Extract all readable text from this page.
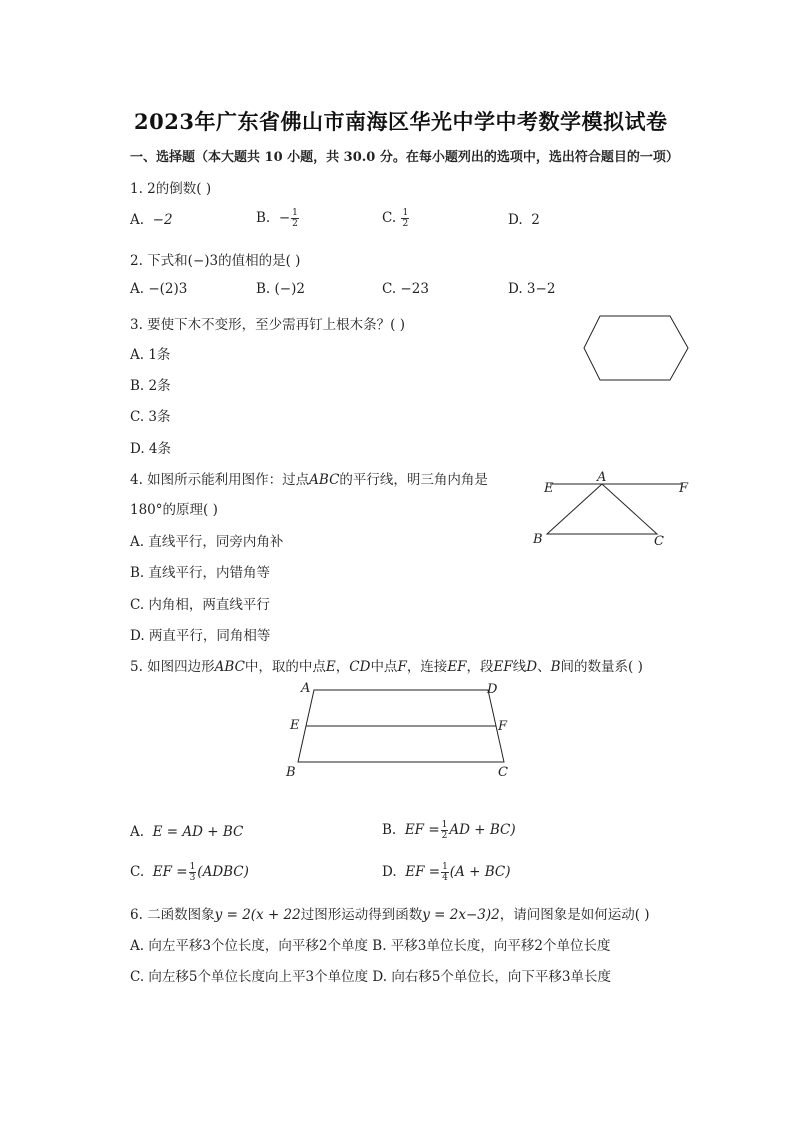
2023年广东省佛山市南海区华光中学中考数学模拟试卷
一、选择题（本大题共 10 小题，共 30.0 分。在每小题列出的选项中，选出符合题目的一项）
1. 2的倒数( )
A. −2	B. − $\frac{1}{2}$	C. $\frac{1}{2}$	D. 2
2. 下式和(−)3的值相的是( )
A. −(2)3	B. (−)2	C. −23	D. 3−2
3. 要使下木不变形，至少需再钉上根木条？( )
A. 1条
B. 2条
C. 3条
D. 4条
4. 如图所示能利用图作：过点ABC的平行线，明三角内角是
180°的原理( )
A. 直线平行，同旁内角补
B. 直线平行，内错角等
C. 内角相，两直线平行
D. 两直平行，同角相等
A
E	F
B	C
5. 如图四边形ABC中，取的中点E，CD中点F，连接EF，段EF线D、B间的数量系( )
A	D
E	F
B	C
A. E = AD + BC	B. EF = $\frac{1}{2}$ AD + BC)
C. EF = $\frac{1}{3}$ (ADBC)	D. EF = $\frac{1}{4} (A + BC)$
6. 二函数图象y = 2(x + 22过图形运动得到函数y = 2x−3)2，请问图象是如何运动( )
A. 向左平移3个位长度，向平移2个单度 B. 平移3单位长度，向平移2个单位长度
C. 向左移5个单位长度向上平3个单位度 D. 向右移5个单位长，向下平移3单长度
